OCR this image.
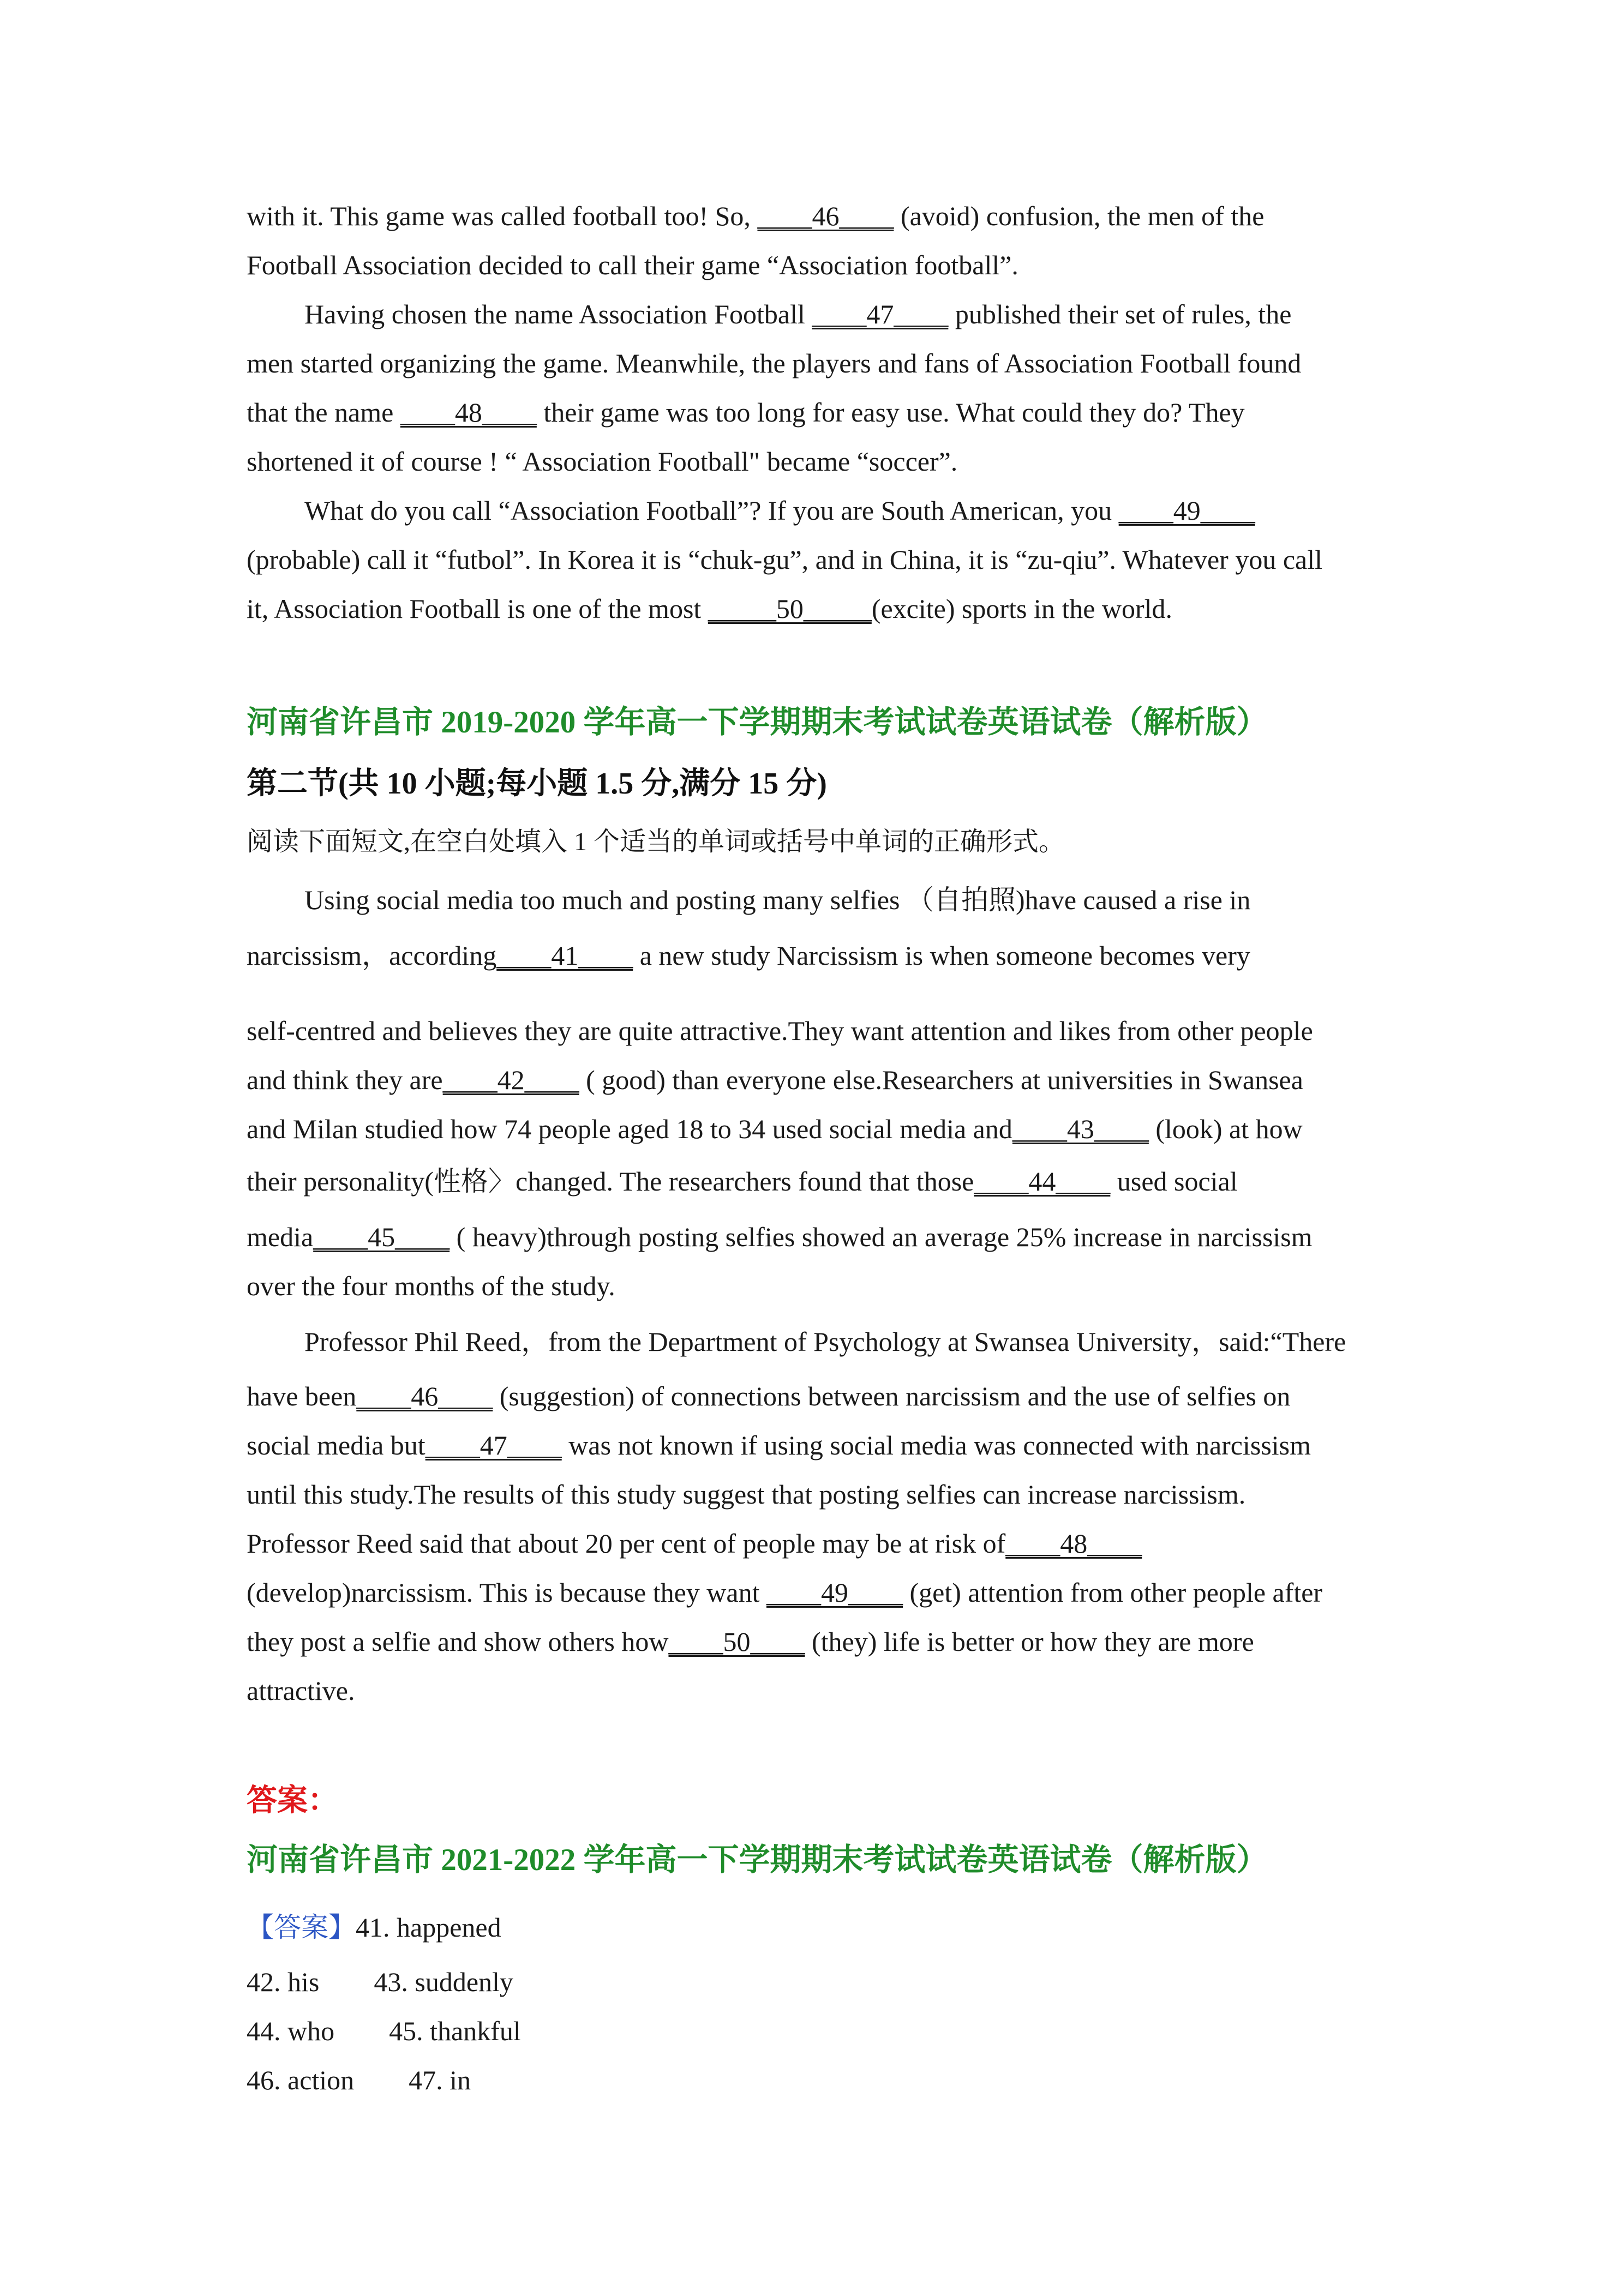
with it. This game was called football too! So, ____46____ (avoid) confusion, the men of the
Football Association decided to call their game “Association football”.
Having chosen the name Association Football ____47____ published their set of rules, the
men started organizing the game. Meanwhile, the players and fans of Association Football found
that the name ____48____ their game was too long for easy use. What could they do? They
shortened it of course ! “ Association Football" became “soccer”.
What do you call “Association Football”? If you are South American, you ____49____
(probable) call it “futbol”. In Korea it is “chuk-gu”, and in China, it is “zu-qiu”. Whatever you call
it, Association Football is one of the most _____50_____(excite) sports in the world.
河南省许昌市 2019-2020 学年高一下学期期末考试试卷英语试卷（解析版）
第二节(共 10 小题;每小题 1.5 分,满分 15 分)
阅读下面短文,在空白处填入 1 个适当的单词或括号中单词的正确形式。
Using social media too much and posting many selfies （自拍照)have caused a rise in
narcissism，according____41____ a new study Narcissism is when someone becomes very
self-centred and believes they are quite attractive.They want attention and likes from other people
and think they are____42____ ( good) than everyone else.Researchers at universities in Swansea
and Milan studied how 74 people aged 18 to 34 used social media and____43____ (look) at how
their personality(性格〉changed. The researchers found that those____44____ used social
media____45____ ( heavy)through posting selfies showed an average 25% increase in narcissism
over the four months of the study.
Professor Phil Reed，from the Department of Psychology at Swansea University，said:“There
have been____46____ (suggestion) of connections between narcissism and the use of selfies on
social media but____47____ was not known if using social media was connected with narcissism
until this study.The results of this study suggest that posting selfies can increase narcissism.
Professor Reed said that about 20 per cent of people may be at risk of____48____
(develop)narcissism. This is because they want ____49____ (get) attention from other people after
they post a selfie and show others how____50____ (they) life is better or how they are more
attractive.
答案：
河南省许昌市 2021-2022 学年高一下学期期末考试试卷英语试卷（解析版）
【答案】41. happened
42. his 43. suddenly
44. who 45. thankful
46. action 47. in
